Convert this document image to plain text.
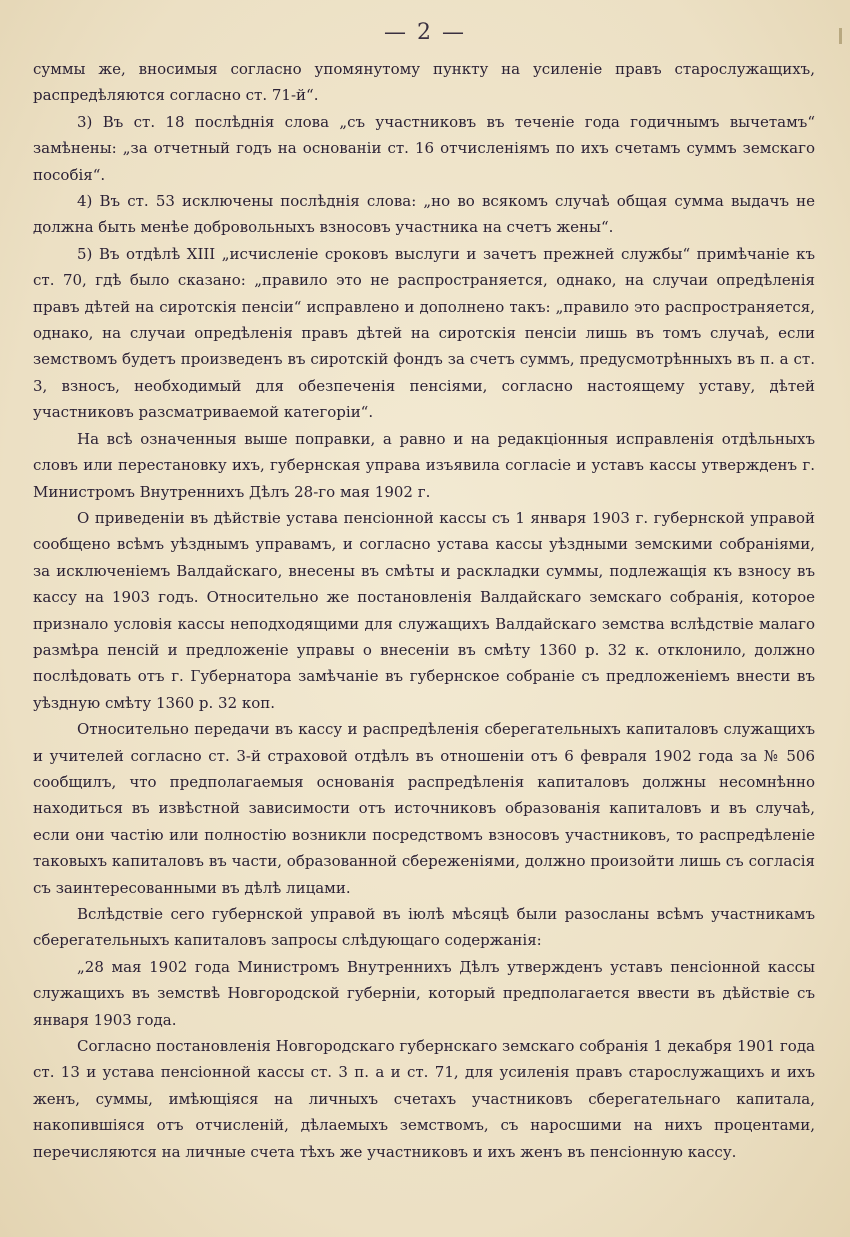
— 2 —

суммы же, вносимыя согласно упомянутому пункту на усиленіе правъ старослужащихъ, распредѣляются согласно ст. 71-й“.

3) Въ ст. 18 послѣднія слова „съ участниковъ въ теченіе года годичнымъ вычетамъ“ замѣнены: „за отчетный годъ на основаніи ст. 16 отчисленіямъ по ихъ счетамъ суммъ земскаго пособія“.

4) Въ ст. 53 исключены послѣднія слова: „но во всякомъ случаѣ общая сумма выдачъ не должна быть менѣе добровольныхъ взносовъ участника на счетъ жены“.

5) Въ отдѣлѣ XIII „исчисленіе сроковъ выслуги и зачетъ прежней службы“ примѣчаніе къ ст. 70, гдѣ было сказано: „правило это не распространяется, однако, на случаи опредѣленія правъ дѣтей на сиротскія пенсіи“ исправлено и дополнено такъ: „правило это распространяется, однако, на случаи опредѣленія правъ дѣтей на сиротскія пенсіи лишь въ томъ случаѣ, если земствомъ будетъ произведенъ въ сиротскій фондъ за счетъ суммъ, предусмотрѣнныхъ въ п. а ст. 3, взносъ, необходимый для обезпеченія пенсіями, согласно настоящему уставу, дѣтей участниковъ разсматриваемой категоріи“.

На всѣ означенныя выше поправки, а равно и на редакціонныя исправленія отдѣльныхъ словъ или перестановку ихъ, губернская управа изъявила согласіе и уставъ кассы утвержденъ г. Министромъ Внутреннихъ Дѣлъ 28-го мая 1902 г.

О приведеніи въ дѣйствіе устава пенсіонной кассы съ 1 января 1903 г. губернской управой сообщено всѣмъ уѣзднымъ управамъ, и согласно устава кассы уѣздными земскими собраніями, за исключеніемъ Валдайскаго, внесены въ смѣты и раскладки суммы, подлежащія къ взносу въ кассу на 1903 годъ. Относительно же постановленія Валдайскаго земскаго собранія, которое признало условія кассы неподходящими для служащихъ Валдайскаго земства вслѣдствіе малаго размѣра пенсій и предложеніе управы о внесеніи въ смѣту 1360 р. 32 к. отклонило, должно послѣдовать отъ г. Губернатора замѣчаніе въ губернское собраніе съ предложеніемъ внести въ уѣздную смѣту 1360 р. 32 коп.

Относительно передачи въ кассу и распредѣленія сберегательныхъ капиталовъ служащихъ и учителей согласно ст. 3-й страховой отдѣлъ въ отношеніи отъ 6 февраля 1902 года за № 506 сообщилъ, что предполагаемыя основанія распредѣленія капиталовъ должны несомнѣнно находиться въ извѣстной зависимости отъ источниковъ образованія капиталовъ и въ случаѣ, если они частію или полностію возникли посредствомъ взносовъ участниковъ, то распредѣленіе таковыхъ капиталовъ въ части, образованной сбереженіями, должно произойти лишь съ согласія съ заинтересованными въ дѣлѣ лицами.

Вслѣдствіе сего губернской управой въ іюлѣ мѣсяцѣ были разосланы всѣмъ участникамъ сберегательныхъ капиталовъ запросы слѣдующаго содержанія:

„28 мая 1902 года Министромъ Внутреннихъ Дѣлъ утвержденъ уставъ пенсіонной кассы служащихъ въ земствѣ Новгородской губерніи, который предполагается ввести въ дѣйствіе съ января 1903 года.

Согласно постановленія Новгородскаго губернскаго земскаго собранія 1 декабря 1901 года ст. 13 и устава пенсіонной кассы ст. 3 п. а и ст. 71, для усиленія правъ старослужащихъ и ихъ женъ, суммы, имѣющіяся на личныхъ счетахъ участниковъ сберегательнаго капитала, накопившіяся отъ отчисленій, дѣлаемыхъ земствомъ, съ наросшими на нихъ процентами, перечисляются на личные счета тѣхъ же участниковъ и ихъ женъ въ пенсіонную кассу.
